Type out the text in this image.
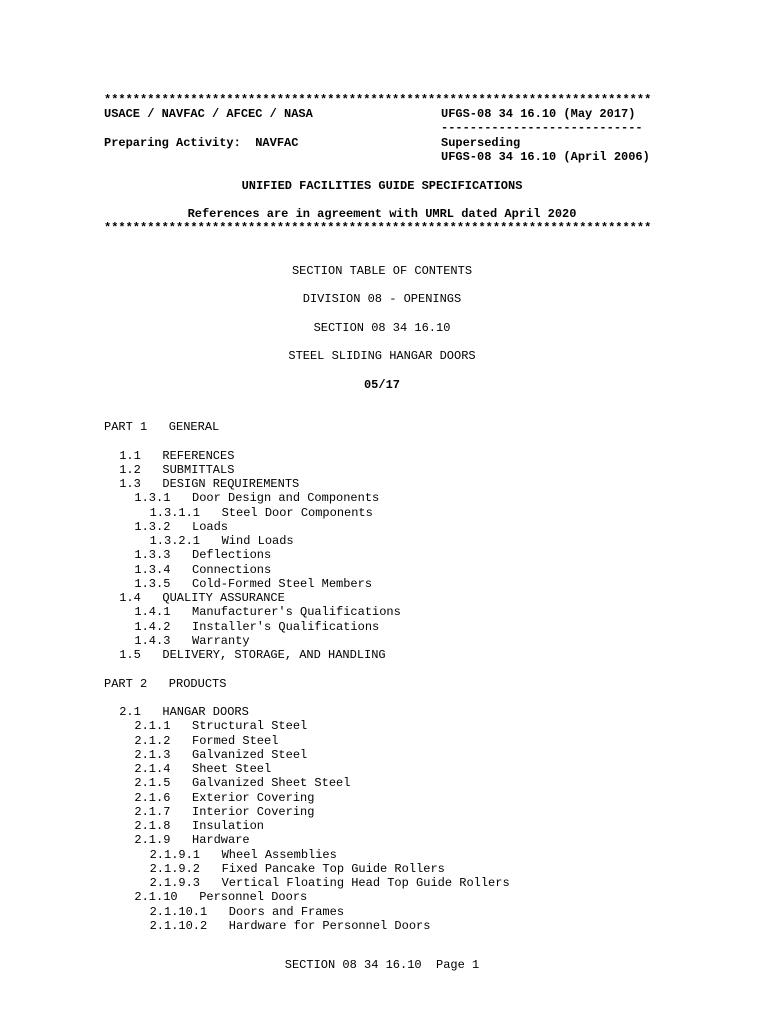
****************************************************************************

USACE / NAVFAC / AFCEC / NASA

	UFGS-08 34 16.10 (May 2017)

----------------------------

Preparing Activity:  NAVFAC

	Superseding

UFGS-08 34 16.10 (April 2006)

UNIFIED FACILITIES GUIDE SPECIFICATIONS

References are in agreement with UMRL dated April 2020

****************************************************************************

SECTION TABLE OF CONTENTS

DIVISION 08 - OPENINGS

SECTION 08 34 16.10

STEEL SLIDING HANGAR DOORS

05/17

PART 1   GENERAL
1.1   REFERENCES
1.2   SUBMITTALS
1.3   DESIGN REQUIREMENTS
1.3.1   Door Design and Components
1.3.1.1   Steel Door Components
1.3.2   Loads
1.3.2.1   Wind Loads
1.3.3   Deflections
1.3.4   Connections
1.3.5   Cold-Formed Steel Members
1.4   QUALITY ASSURANCE
1.4.1   Manufacturer's Qualifications
1.4.2   Installer's Qualifications
1.4.3   Warranty
1.5   DELIVERY, STORAGE, AND HANDLING
PART 2   PRODUCTS
2.1   HANGAR DOORS
2.1.1   Structural Steel
2.1.2   Formed Steel
2.1.3   Galvanized Steel
2.1.4   Sheet Steel
2.1.5   Galvanized Sheet Steel
2.1.6   Exterior Covering
2.1.7   Interior Covering
2.1.8   Insulation
2.1.9   Hardware
2.1.9.1   Wheel Assemblies
2.1.9.2   Fixed Pancake Top Guide Rollers
2.1.9.3   Vertical Floating Head Top Guide Rollers
2.1.10   Personnel Doors
2.1.10.1   Doors and Frames
2.1.10.2   Hardware for Personnel Doors

SECTION 08 34 16.10  Page 1
